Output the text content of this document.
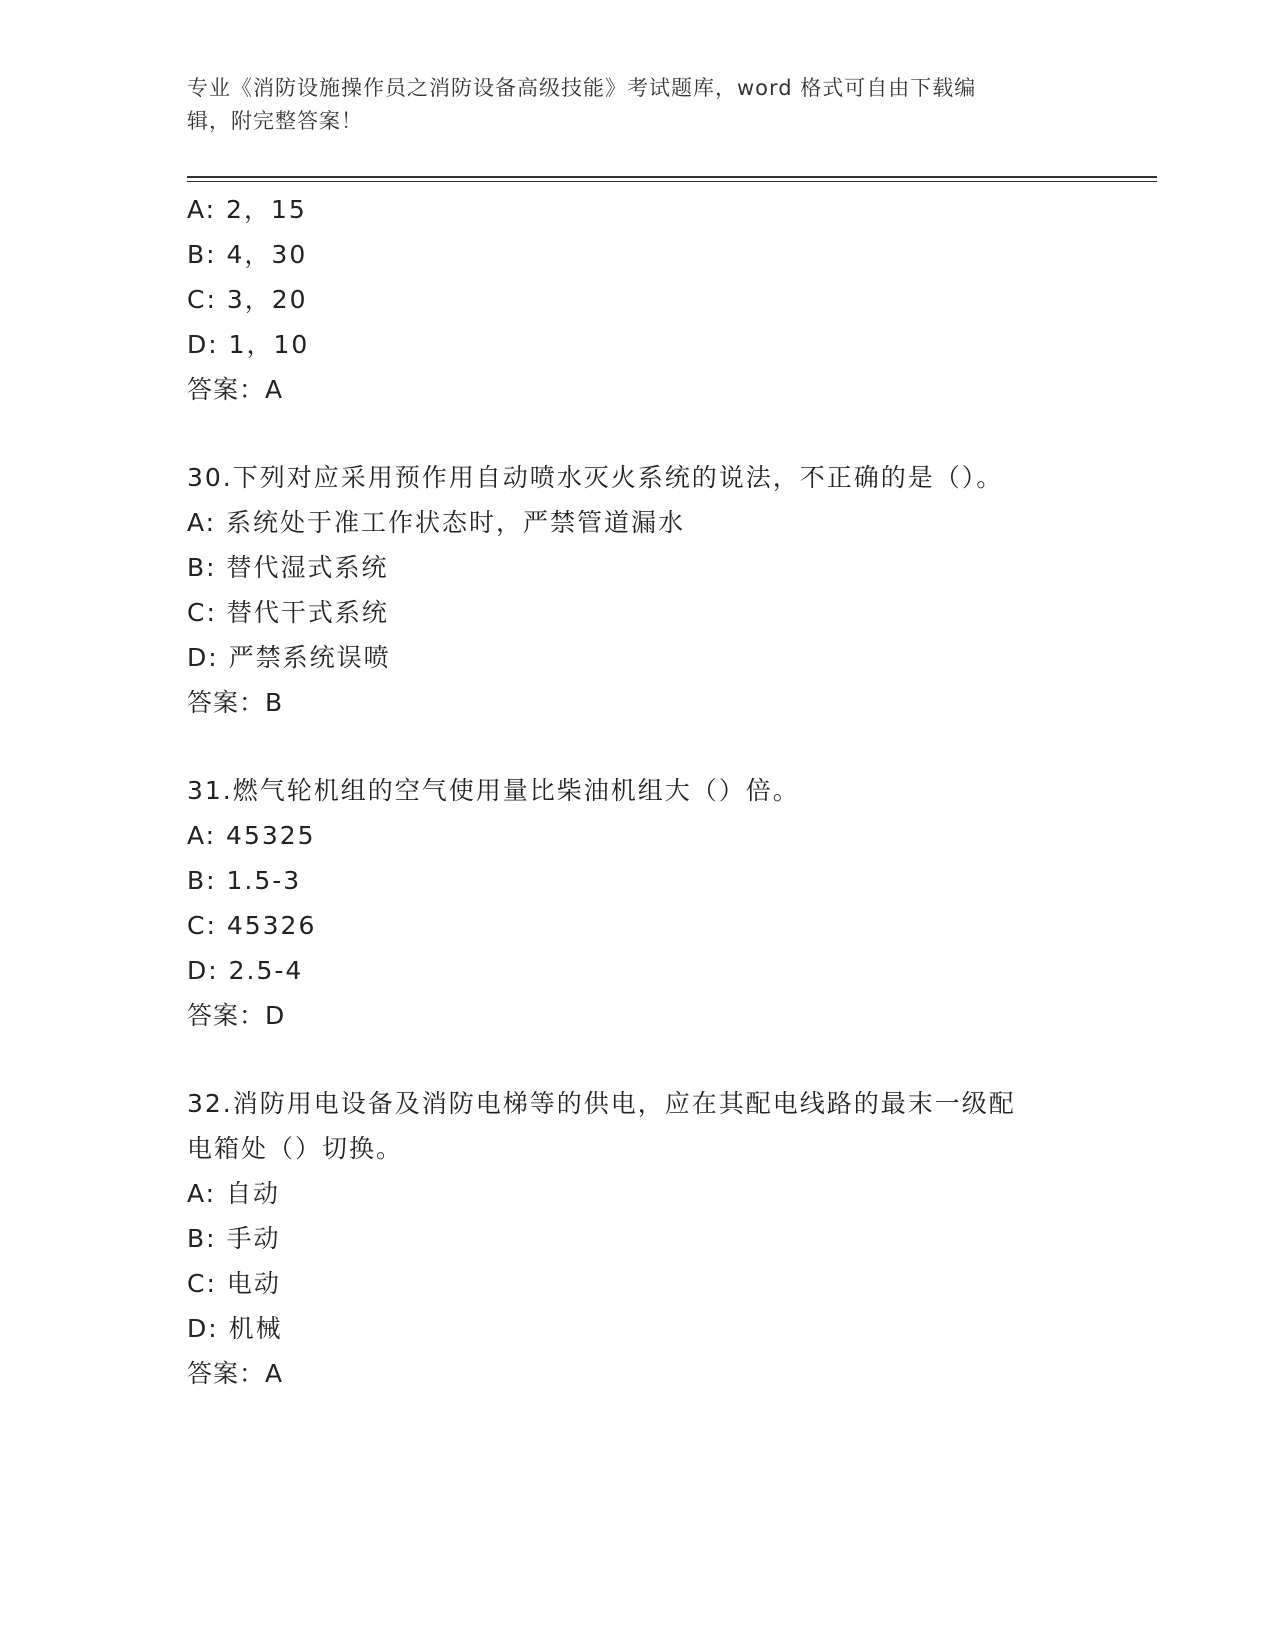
专业《消防设施操作员之消防设备高级技能》考试题库，word 格式可自由下载编
辑，附完整答案！
A: 2，15
B: 4，30
C: 3，20
D: 1，10
答案：A
30.下列对应采用预作用自动喷水灭火系统的说法，不正确的是（）。
A: 系统处于准工作状态时，严禁管道漏水
B: 替代湿式系统
C: 替代干式系统
D: 严禁系统误喷
答案：B
31.燃气轮机组的空气使用量比柴油机组大（）倍。
A: 45325
B: 1.5-3
C: 45326
D: 2.5-4
答案：D
32.消防用电设备及消防电梯等的供电，应在其配电线路的最末一级配
电箱处（）切换。
A: 自动
B: 手动
C: 电动
D: 机械
答案：A
